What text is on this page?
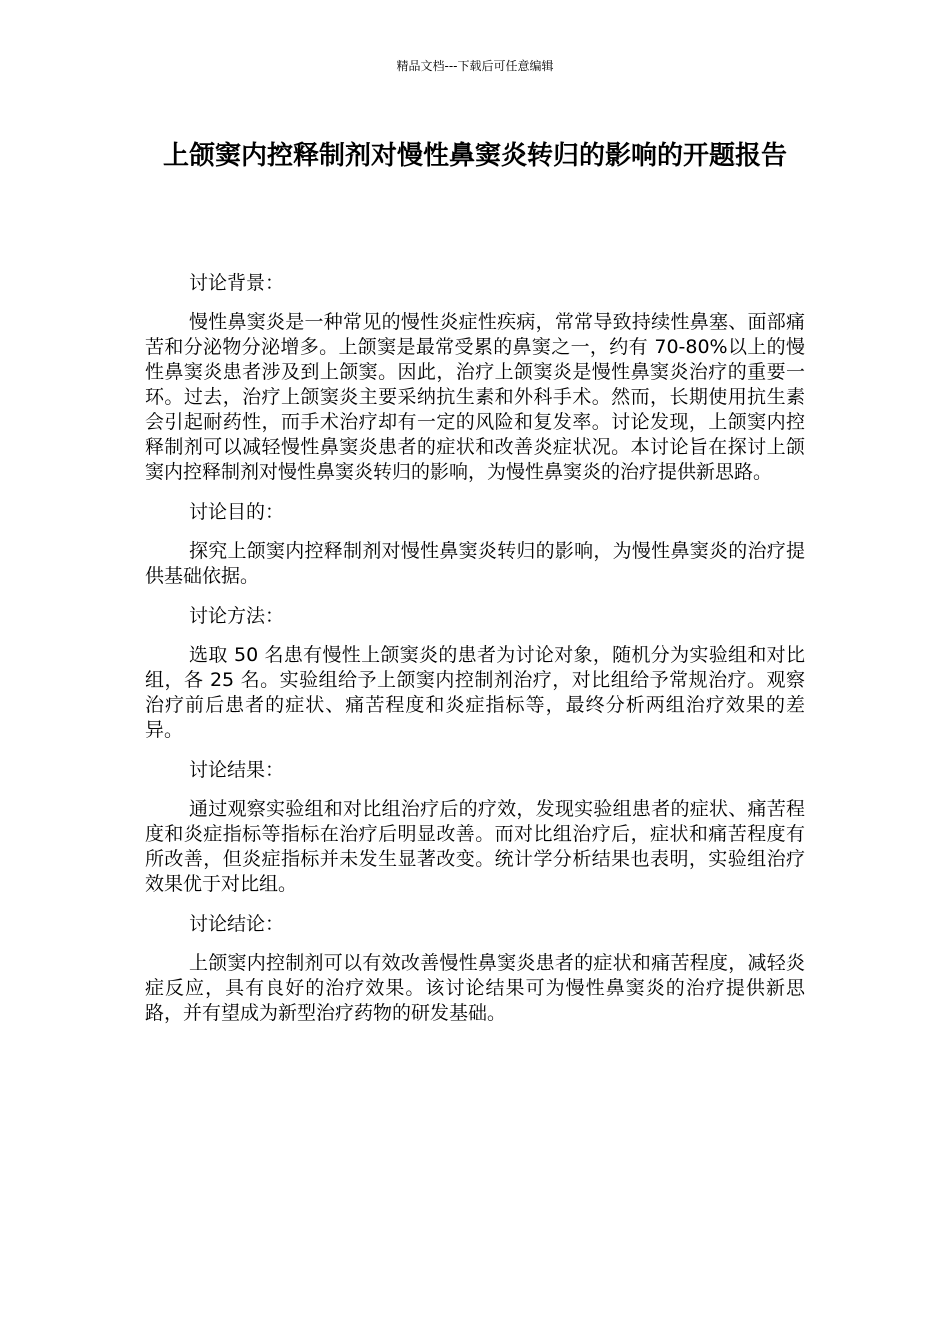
精品文档---下载后可任意编辑
上颌窦内控释制剂对慢性鼻窦炎转归的影响的开题报告

讨论背景：

慢性鼻窦炎是一种常见的慢性炎症性疾病，常常导致持续性鼻塞、面部痛苦和分泌物分泌增多。上颌窦是最常受累的鼻窦之一，约有 70-80%以上的慢性鼻窦炎患者涉及到上颌窦。因此，治疗上颌窦炎是慢性鼻窦炎治疗的重要一环。过去，治疗上颌窦炎主要采纳抗生素和外科手术。然而，长期使用抗生素会引起耐药性，而手术治疗却有一定的风险和复发率。讨论发现，上颌窦内控释制剂可以减轻慢性鼻窦炎患者的症状和改善炎症状况。本讨论旨在探讨上颌窦内控释制剂对慢性鼻窦炎转归的影响，为慢性鼻窦炎的治疗提供新思路。

讨论目的：

探究上颌窦内控释制剂对慢性鼻窦炎转归的影响，为慢性鼻窦炎的治疗提供基础依据。

讨论方法：

选取 50 名患有慢性上颌窦炎的患者为讨论对象，随机分为实验组和对比组，各 25 名。实验组给予上颌窦内控制剂治疗，对比组给予常规治疗。观察治疗前后患者的症状、痛苦程度和炎症指标等，最终分析两组治疗效果的差异。

讨论结果：

通过观察实验组和对比组治疗后的疗效，发现实验组患者的症状、痛苦程度和炎症指标等指标在治疗后明显改善。而对比组治疗后，症状和痛苦程度有所改善，但炎症指标并未发生显著改变。统计学分析结果也表明，实验组治疗效果优于对比组。

讨论结论：

上颌窦内控制剂可以有效改善慢性鼻窦炎患者的症状和痛苦程度，减轻炎症反应，具有良好的治疗效果。该讨论结果可为慢性鼻窦炎的治疗提供新思路，并有望成为新型治疗药物的研发基础。
